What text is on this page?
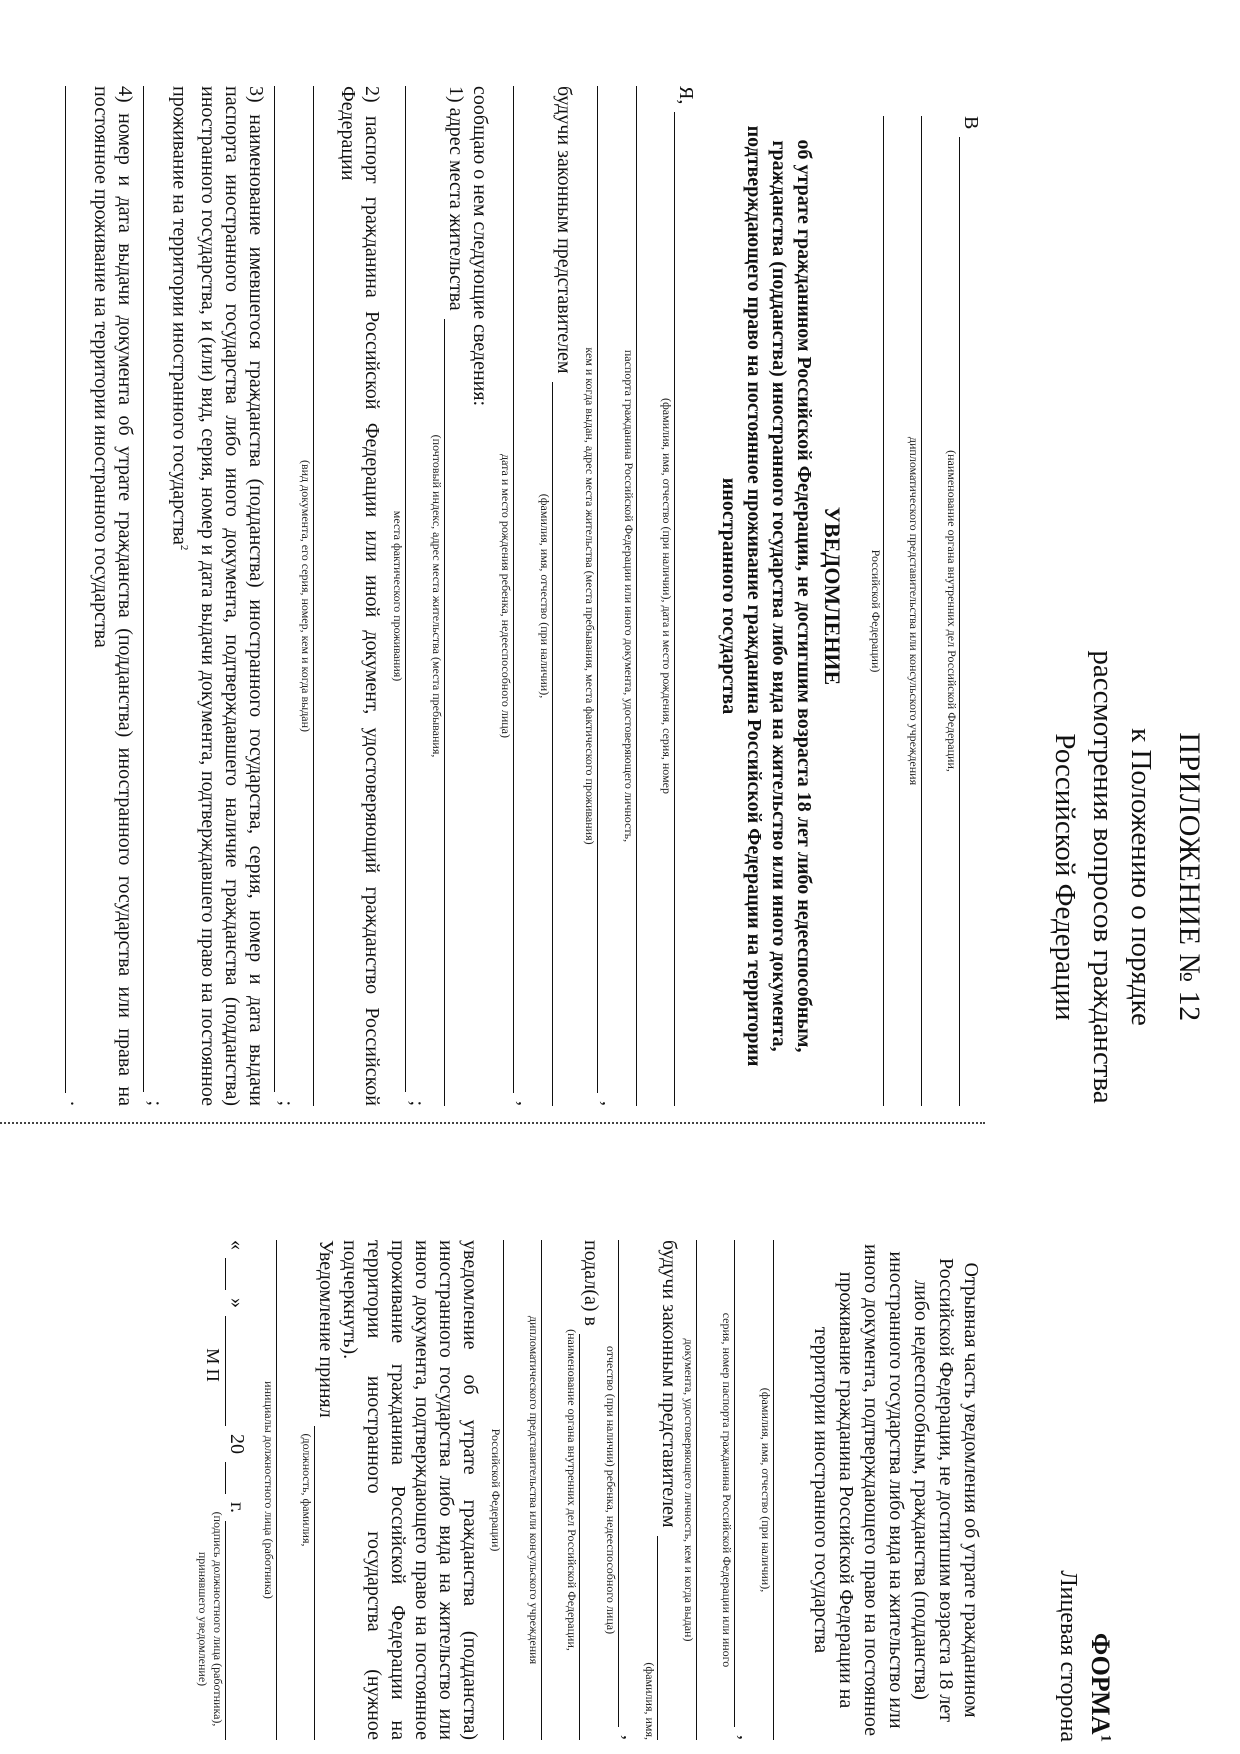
ПРИЛОЖЕНИЕ № 12

к Положению о порядке
рассмотрения вопросов гражданства
Российской Федерации

ФОРМА$^1$

Лицевая сторона
В
(наименование органа внутренних дел Российской Федерации,
дипломатического представительства или консульского учреждения
Российской Федерации)
УВЕДОМЛЕНИЕ
об утрате гражданином Российской Федерации, не достигшим возраста 18 лет либо недееспособным, гражданства (подданства) иностранного государства либо вида на жительство или иного документа, подтверждающего право на постоянное проживание гражданина Российской Федерации на территории иностранного государства
Я,
(фамилия, имя, отчество (при наличии), дата и место рождения, серия, номер
паспорта гражданина Российской Федерации или иного документа, удостоверяющего личность,
,
кем и когда выдан, адрес места жительства (места пребывания, места фактического проживания)
будучи законным представителем
(фамилия, имя, отчество (при наличии),
,
дата и место рождения ребенка, недееспособного лица)
сообщаю о нем следующие сведения:
1) адрес места жительства
(почтовый индекс, адрес места жительства (места пребывания,
;
места фактического проживания)
2) паспорт гражданина Российской Федерации или иной документ, удостоверяющий гражданство Российской Федерации
(вид документа, его серия, номер, кем и когда выдан)
;
3) наименование имевшегося гражданства (подданства) иностранного государства, серия, номер и дата выдачи паспорта иностранного государства либо иного документа, подтверждавшего наличие гражданства (подданства) иностранного государства, и (или) вид, серия, номер и дата выдачи документа, подтверждавшего право на постоянное проживание на территории иностранного государства$^2$
;
4) номер и дата выдачи документа об утрате гражданства (подданства) иностранного государства или права на постоянное проживание на территории иностранного государства
.
Отрывная часть уведомления об утрате гражданином Российской Федерации, не достигшим возраста 18 лет либо недееспособным, гражданства (подданства) иностранного государства либо вида на жительство или иного документа, подтверждающего право на постоянное проживание гражданина Российской Федерации на территории иностранного государства
(фамилия, имя, отчество (при наличии),
,
серия, номер паспорта гражданина Российской Федерации или иного
документа, удостоверяющего личность, кем и когда выдан)
будучи законным представителем
(фамилия, имя,
,
отчество (при наличии) ребенка, недееспособного лица)
подал(а) в
(наименование органа внутренних дел Российской Федерации,
дипломатического представительства или консульского учреждения
Российской Федерации)
уведомление об утрате гражданства (подданства) иностранного государства либо вида на жительство или иного документа, подтверждающего право на постоянное проживание гражданина Российской Федерации на территории иностранного государства (нужное подчеркнуть).
Уведомление принял
(должность, фамилия,
инициалы должностного лица (работника)
«
»
20
г.
М П
(подпись должностного лица (работника), принявшего уведомление)
